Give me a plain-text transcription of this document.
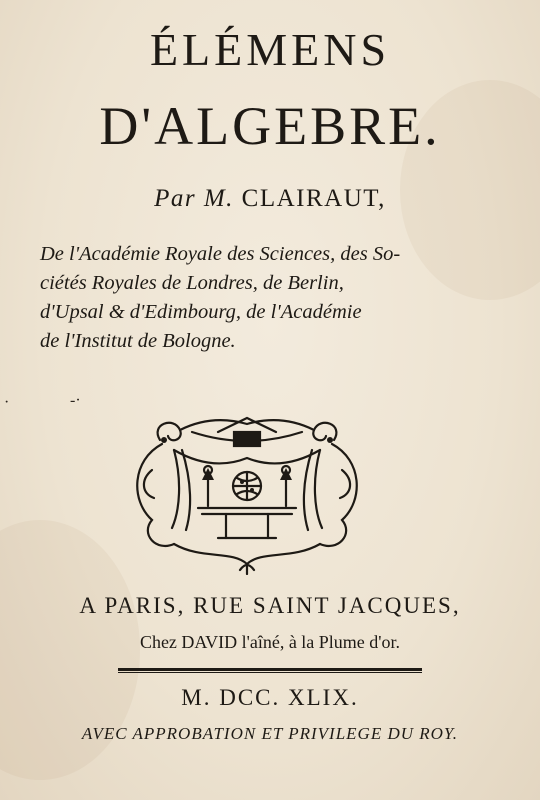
ÉLÉMENS
D'ALGEBRE.
Par M. CLAIRAUT,
De l'Académie Royale des Sciences, des So-
ciétés Royales de Londres, de Berlin,
d'Upsal & d'Edimbourg, de l'Académie
de l'Institut de Bologne.
·	-·
A PARIS, RUE SAINT JACQUES,
Chez DAVID l'aîné, à la Plume d'or.
M. DCC. XLIX.
AVEC APPROBATION ET PRIVILEGE DU ROY.
